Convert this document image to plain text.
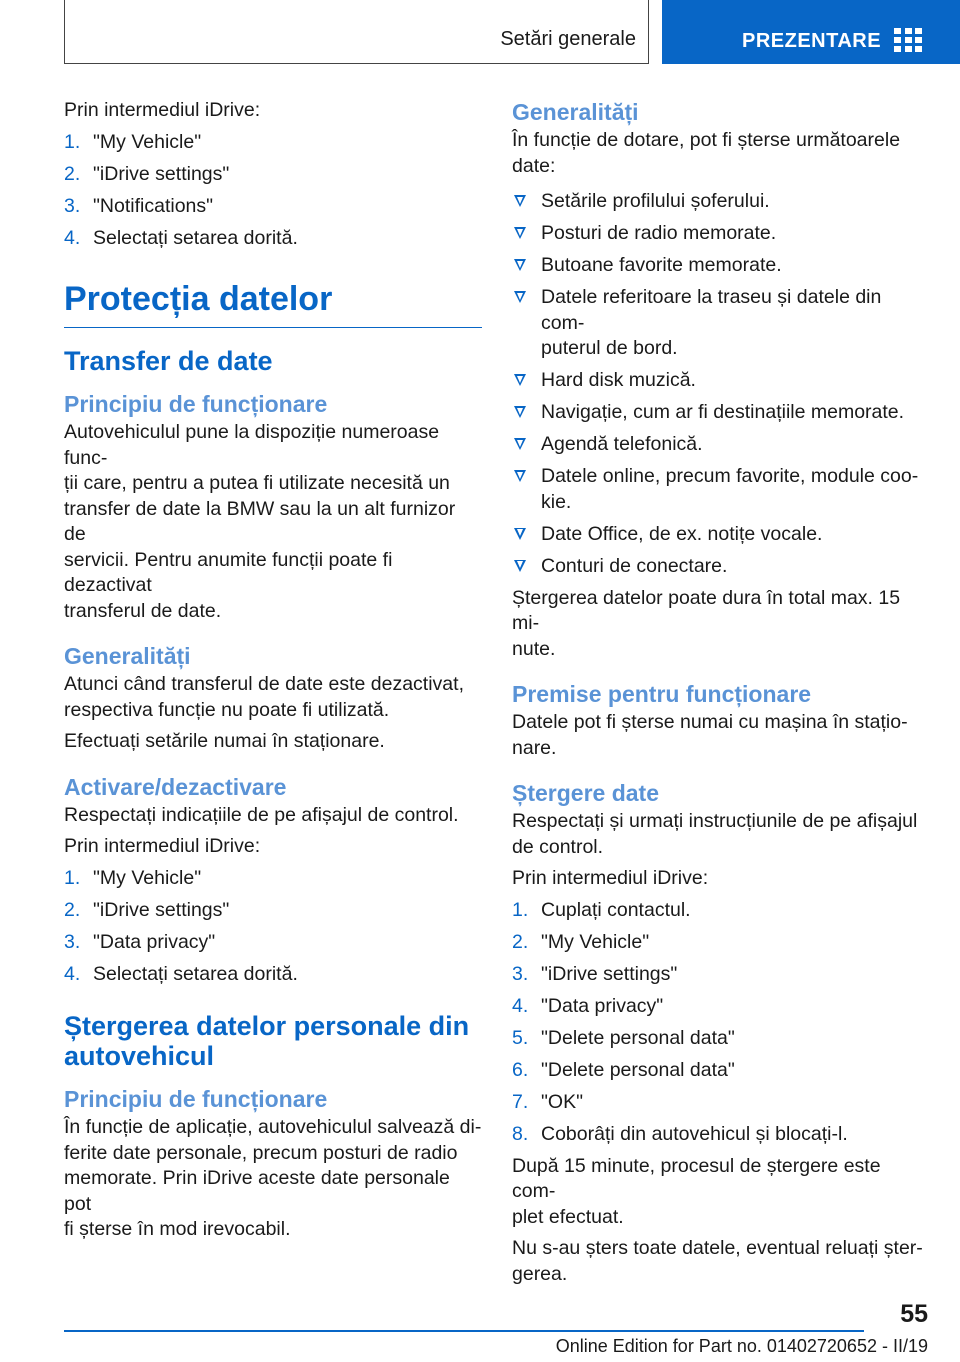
Setări generale	PREZENTARE

Prin intermediul iDrive:

1. "My Vehicle"
2. "iDrive settings"
3. "Notifications"
4. Selectați setarea dorită.
Protecția datelor
Transfer de date
Principiu de funcționare

Autovehiculul pune la dispoziție numeroase func‐
ții care, pentru a putea fi utilizate necesită un
transfer de date la BMW sau la un alt furnizor de
servicii. Pentru anumite funcții poate fi dezactivat
transferul de date.

Generalități

Atunci când transferul de date este dezactivat,
respectiva funcție nu poate fi utilizată.

Efectuați setările numai în staționare.

Activare/dezactivare

Respectați indicațiile de pe afișajul de control.

Prin intermediul iDrive:

1. "My Vehicle"
2. "iDrive settings"
3. "Data privacy"
4. Selectați setarea dorită.
Ștergerea datelor personale din
autovehicul
Principiu de funcționare

În funcție de aplicație, autovehiculul salvează di‐
ferite date personale, precum posturi de radio
memorate. Prin iDrive aceste date personale pot
fi șterse în mod irevocabil.

Generalități

În funcție de dotare, pot fi șterse următoarele
date:

Setările profilului șoferului.
Posturi de radio memorate.
Butoane favorite memorate.
Datele referitoare la traseu și datele din com‐
puterul de bord.
Hard disk muzică.
Navigație, cum ar fi destinațiile memorate.
Agendă telefonică.
Datele online, precum favorite, module coo‐
kie.
Date Office, de ex. notițe vocale.
Conturi de conectare.

Ștergerea datelor poate dura în total max. 15 mi‐
nute.

Premise pentru funcționare

Datele pot fi șterse numai cu mașina în stațio‐
nare.

Ștergere date

Respectați și urmați instrucțiunile de pe afișajul
de control.

Prin intermediul iDrive:

1. Cuplați contactul.
2. "My Vehicle"
3. "iDrive settings"
4. "Data privacy"
5. "Delete personal data"
6. "Delete personal data"
7. "OK"
8. Coborâți din autovehicul și blocați-l.

După 15 minute, procesul de ștergere este com‐
plet efectuat.

Nu s-au șters toate datele, eventual reluați șter‐
gerea.

55
Online Edition for Part no. 01402720652 - II/19
